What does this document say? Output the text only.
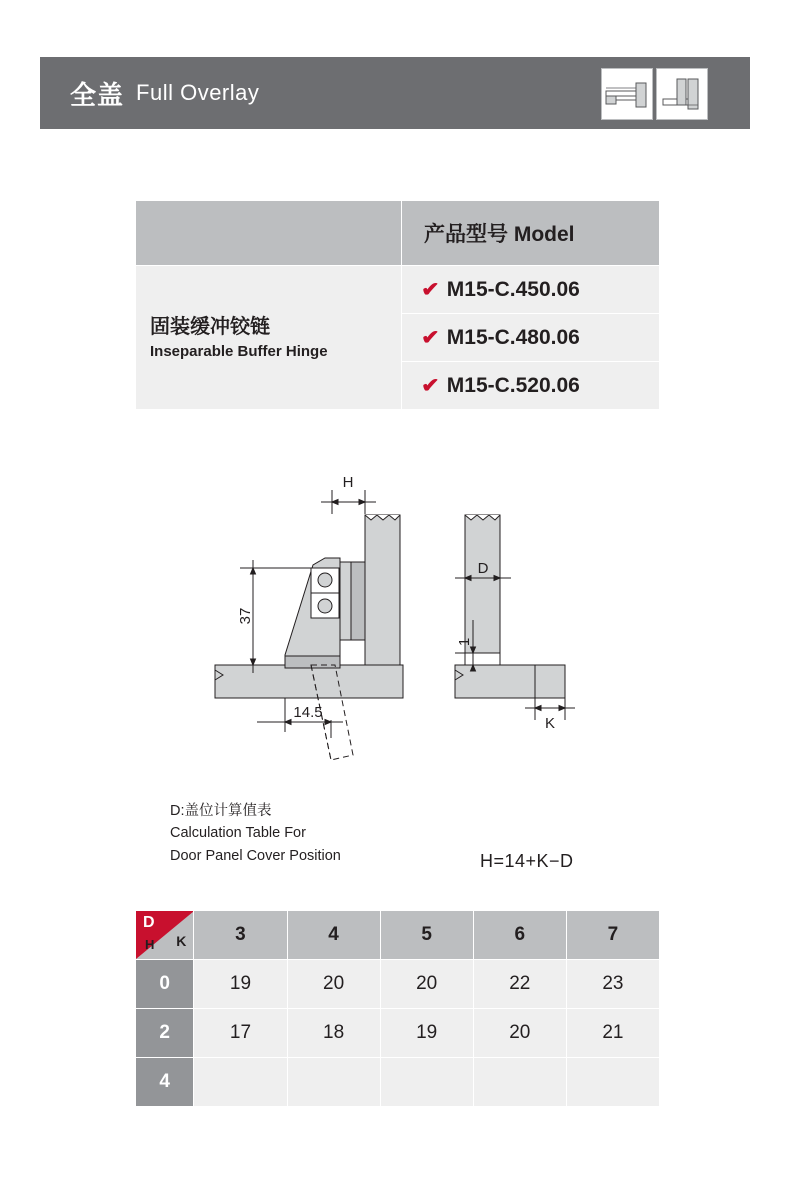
全盖 Full Overlay
	产品型号 Model

固装缓冲铰链
Inseparable Buffer Hinge	✔ M15-C.450.06
	✔ M15-C.480.06
	✔ M15-C.520.06
H
37
14.5
D
1
K
D:盖位计算值表
Calculation Table For
Door Panel Cover Position	H=14+K−D
D
H K	3	4	5	6	7
0	19	20	20	22	23
2	17	18	19	20	21
4					
